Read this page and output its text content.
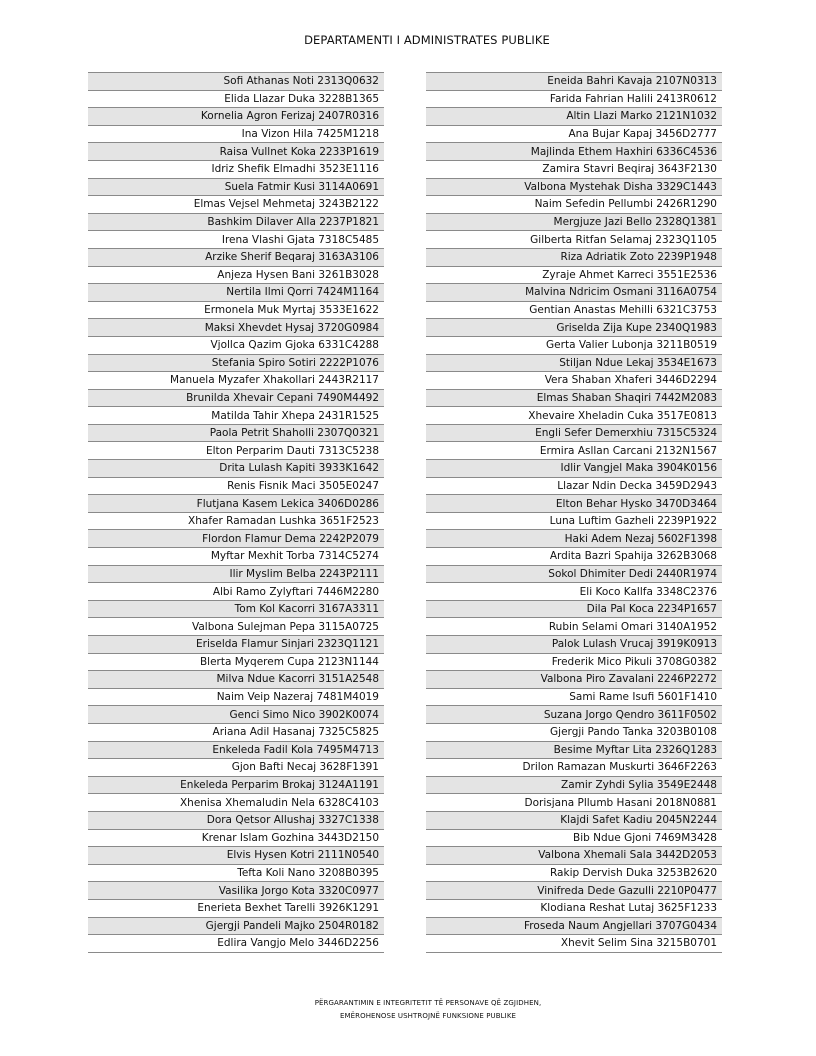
DEPARTAMENTI I ADMINISTRATES PUBLIKE
Sofi Athanas Noti 2313Q0632
Elida Llazar Duka 3228B1365
Kornelia Agron Ferizaj 2407R0316
Ina Vizon Hila 7425M1218
Raisa Vullnet Koka 2233P1619
Idriz Shefik Elmadhi 3523E1116
Suela Fatmir Kusi 3114A0691
Elmas Vejsel Mehmetaj 3243B2122
Bashkim Dilaver Alla 2237P1821
Irena Vlashi Gjata 7318C5485
Arzike Sherif Beqaraj 3163A3106
Anjeza Hysen Bani 3261B3028
Nertila Ilmi Qorri 7424M1164
Ermonela Muk Myrtaj 3533E1622
Maksi Xhevdet Hysaj 3720G0984
Vjollca Qazim Gjoka 6331C4288
Stefania Spiro Sotiri 2222P1076
Manuela Myzafer Xhakollari 2443R2117
Brunilda Xhevair Cepani 7490M4492
Matilda Tahir Xhepa 2431R1525
Paola Petrit Shaholli 2307Q0321
Elton Perparim Dauti 7313C5238
Drita Lulash Kapiti 3933K1642
Renis Fisnik Maci 3505E0247
Flutjana Kasem Lekica 3406D0286
Xhafer Ramadan Lushka 3651F2523
Flordon Flamur Dema 2242P2079
Myftar Mexhit Torba 7314C5274
Ilir Myslim Belba 2243P2111
Albi Ramo Zylyftari 7446M2280
Tom Kol Kacorri 3167A3311
Valbona Sulejman Pepa 3115A0725
Eriselda Flamur Sinjari 2323Q1121
Blerta Myqerem Cupa 2123N1144
Milva Ndue Kacorri 3151A2548
Naim Veip Nazeraj 7481M4019
Genci Simo Nico 3902K0074
Ariana Adil Hasanaj 7325C5825
Enkeleda Fadil Kola 7495M4713
Gjon Bafti Necaj 3628F1391
Enkeleda Perparim Brokaj 3124A1191
Xhenisa Xhemaludin Nela 6328C4103
Dora Qetsor Allushaj 3327C1338
Krenar Islam Gozhina 3443D2150
Elvis Hysen Kotri 2111N0540
Tefta Koli Nano 3208B0395
Vasilika Jorgo Kota 3320C0977
Enerieta Bexhet Tarelli 3926K1291
Gjergji Pandeli Majko 2504R0182
Edlira Vangjo Melo 3446D2256
Eneida Bahri Kavaja 2107N0313
Farida Fahrian Halili 2413R0612
Altin Llazi Marko 2121N1032
Ana Bujar Kapaj 3456D2777
Majlinda Ethem Haxhiri 6336C4536
Zamira Stavri Beqiraj 3643F2130
Valbona Mystehak Disha 3329C1443
Naim Sefedin Pellumbi 2426R1290
Mergjuze Jazi Bello 2328Q1381
Gilberta Ritfan Selamaj 2323Q1105
Riza Adriatik Zoto 2239P1948
Zyraje Ahmet Karreci 3551E2536
Malvina Ndricim Osmani 3116A0754
Gentian Anastas Mehilli 6321C3753
Griselda Zija Kupe 2340Q1983
Gerta Valier Lubonja 3211B0519
Stiljan Ndue Lekaj 3534E1673
Vera Shaban Xhaferi 3446D2294
Elmas Shaban Shaqiri 7442M2083
Xhevaire Xheladin Cuka 3517E0813
Engli Sefer Demerxhiu 7315C5324
Ermira Asllan Carcani 2132N1567
Idlir Vangjel Maka 3904K0156
Llazar Ndin Decka 3459D2943
Elton Behar Hysko 3470D3464
Luna Luftim Gazheli 2239P1922
Haki Adem Nezaj 5602F1398
Ardita Bazri Spahija 3262B3068
Sokol Dhimiter Dedi 2440R1974
Eli Koco Kallfa 3348C2376
Dila Pal Koca 2234P1657
Rubin Selami Omari 3140A1952
Palok Lulash Vrucaj 3919K0913
Frederik Mico Pikuli 3708G0382
Valbona Piro Zavalani 2246P2272
Sami Rame Isufi 5601F1410
Suzana Jorgo Qendro 3611F0502
Gjergji Pando Tanka 3203B0108
Besime Myftar Lita 2326Q1283
Drilon Ramazan Muskurti 3646F2263
Zamir Zyhdi Sylia 3549E2448
Dorisjana Pllumb Hasani 2018N0881
Klajdi Safet Kadiu 2045N2244
Bib Ndue Gjoni 7469M3428
Valbona Xhemali Sala 3442D2053
Rakip Dervish Duka 3253B2620
Vinifreda Dede Gazulli 2210P0477
Klodiana Reshat Lutaj 3625F1233
Froseda Naum Angjellari 3707G0434
Xhevit Selim Sina 3215B0701
PËRGARANTIMIN E INTEGRITETIT TË PERSONAVE QË ZGJIDHEN,
EMËROHENOSE USHTROJNË FUNKSIONE PUBLIKE
